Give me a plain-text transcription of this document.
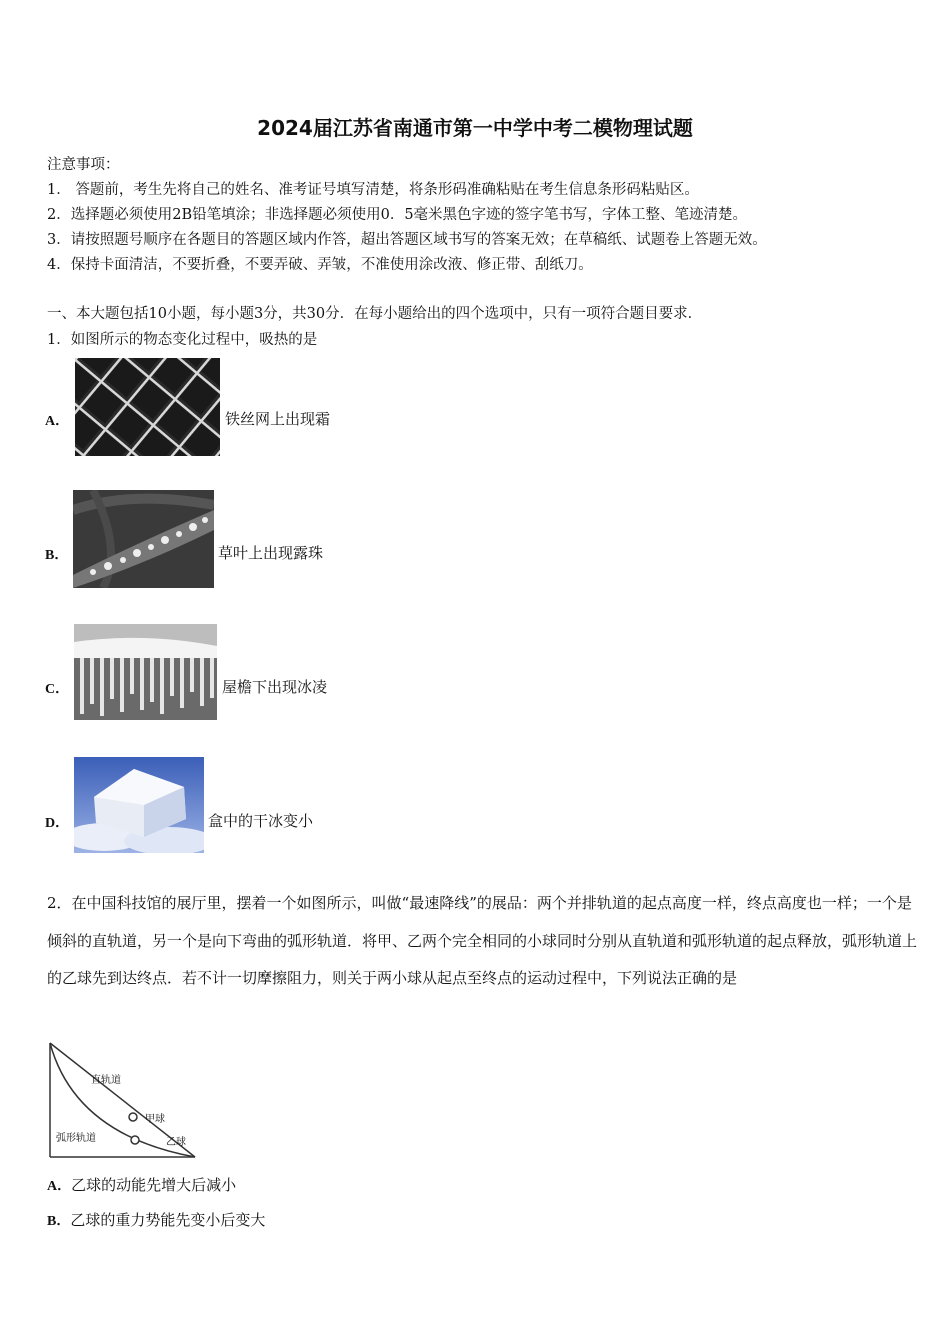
2024届江苏省南通市第一中学中考二模物理试题
注意事项：
1． 答题前，考生先将自己的姓名、准考证号填写清楚，将条形码准确粘贴在考生信息条形码粘贴区。
2．选择题必须使用2B铅笔填涂；非选择题必须使用0．5毫米黑色字迹的签字笔书写，字体工整、笔迹清楚。
3．请按照题号顺序在各题目的答题区域内作答，超出答题区域书写的答案无效；在草稿纸、试题卷上答题无效。
4．保持卡面清洁，不要折叠，不要弄破、弄皱，不准使用涂改液、修正带、刮纸刀。
一、本大题包括10小题，每小题3分，共30分．在每小题给出的四个选项中，只有一项符合题目要求．
1．如图所示的物态变化过程中，吸热的是
A．	铁丝网上出现霜
B．	草叶上出现露珠
C．	屋檐下出现冰凌
D．	盒中的干冰变小
2．在中国科技馆的展厅里，摆着一个如图所示，叫做“最速降线”的展品：两个并排轨道的起点高度一样，终点高度也一样；一个是倾斜的直轨道，另一个是向下弯曲的弧形轨道．将甲、乙两个完全相同的小球同时分别从直轨道和弧形轨道的起点释放，弧形轨道上的乙球先到达终点．若不计一切摩擦阻力，则关于两小球从起点至终点的运动过程中，下列说法正确的是
直轨道
甲球
弧形轨道	乙球
A．乙球的动能先增大后减小
B．乙球的重力势能先变小后变大
